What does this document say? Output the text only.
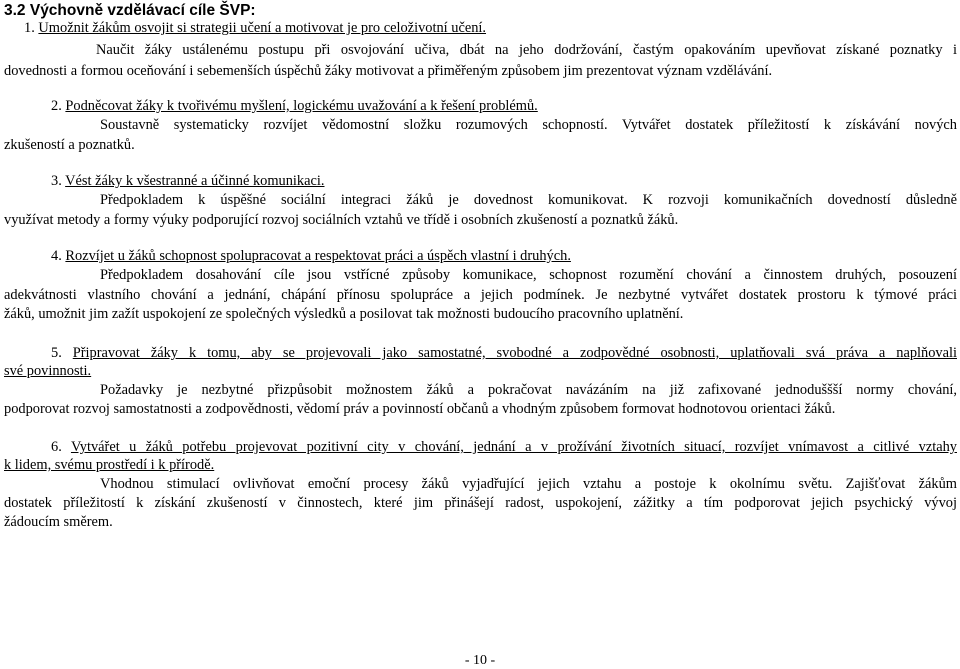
3.2 Výchovně vzdělávací cíle ŠVP:
1. Umožnit žákům osvojit si strategii učení a motivovat je pro celoživotní učení.
Naučit žáky ustálenému postupu při osvojování učiva, dbát na jeho dodržování, častým opakováním upevňovat získané poznatky i
dovednosti a formou oceňování i sebemenších úspěchů žáky motivovat a přiměřeným způsobem jim prezentovat význam vzdělávání.
2. Podněcovat žáky k tvořivému myšlení, logickému uvažování a k řešení problémů.
Soustavně systematicky rozvíjet vědomostní složku rozumových schopností. Vytvářet dostatek příležitostí k získávání nových
zkušeností a poznatků.
3. Vést žáky k všestranné a účinné komunikaci.
Předpokladem k úspěšné sociální integraci žáků je dovednost komunikovat. K rozvoji komunikačních dovedností důsledně
využívat metody a formy výuky podporující rozvoj sociálních vztahů ve třídě i osobních zkušeností a poznatků žáků.
4. Rozvíjet u žáků schopnost spolupracovat a respektovat práci a úspěch vlastní i druhých.
Předpokladem dosahování cíle jsou vstřícné způsoby komunikace, schopnost rozumění chování a činnostem druhých, posouzení
adekvátnosti vlastního chování a jednání, chápání přínosu spolupráce a jejich podmínek. Je nezbytné vytvářet dostatek prostoru k týmové práci
žáků, umožnit jim zažít uspokojení ze společných výsledků a posilovat tak možnosti budoucího pracovního uplatnění.
5. Připravovat žáky k tomu, aby se projevovali jako samostatné, svobodné a zodpovědné osobnosti, uplatňovali svá práva a naplňovali
své povinnosti.
Požadavky je nezbytné přizpůsobit možnostem žáků a pokračovat navázáním na již zafixované jednoduššší normy chování,
podporovat rozvoj samostatnosti a zodpovědnosti, vědomí práv a povinností občanů a vhodným způsobem formovat hodnotovou orientaci žáků.
6. Vytvářet u žáků potřebu projevovat pozitivní city v chování, jednání a v prožívání životních situací, rozvíjet vnímavost a citlivé vztahy
k lidem, svému prostředí i k přírodě.
Vhodnou stimulací ovlivňovat emoční procesy žáků vyjadřující jejich vztahu a postoje k okolnímu světu. Zajišťovat žákům
dostatek příležitostí k získání zkušeností v činnostech, které jim přinášejí radost, uspokojení, zážitky a tím podporovat jejich psychický vývoj
žádoucím směrem.
- 10 -
